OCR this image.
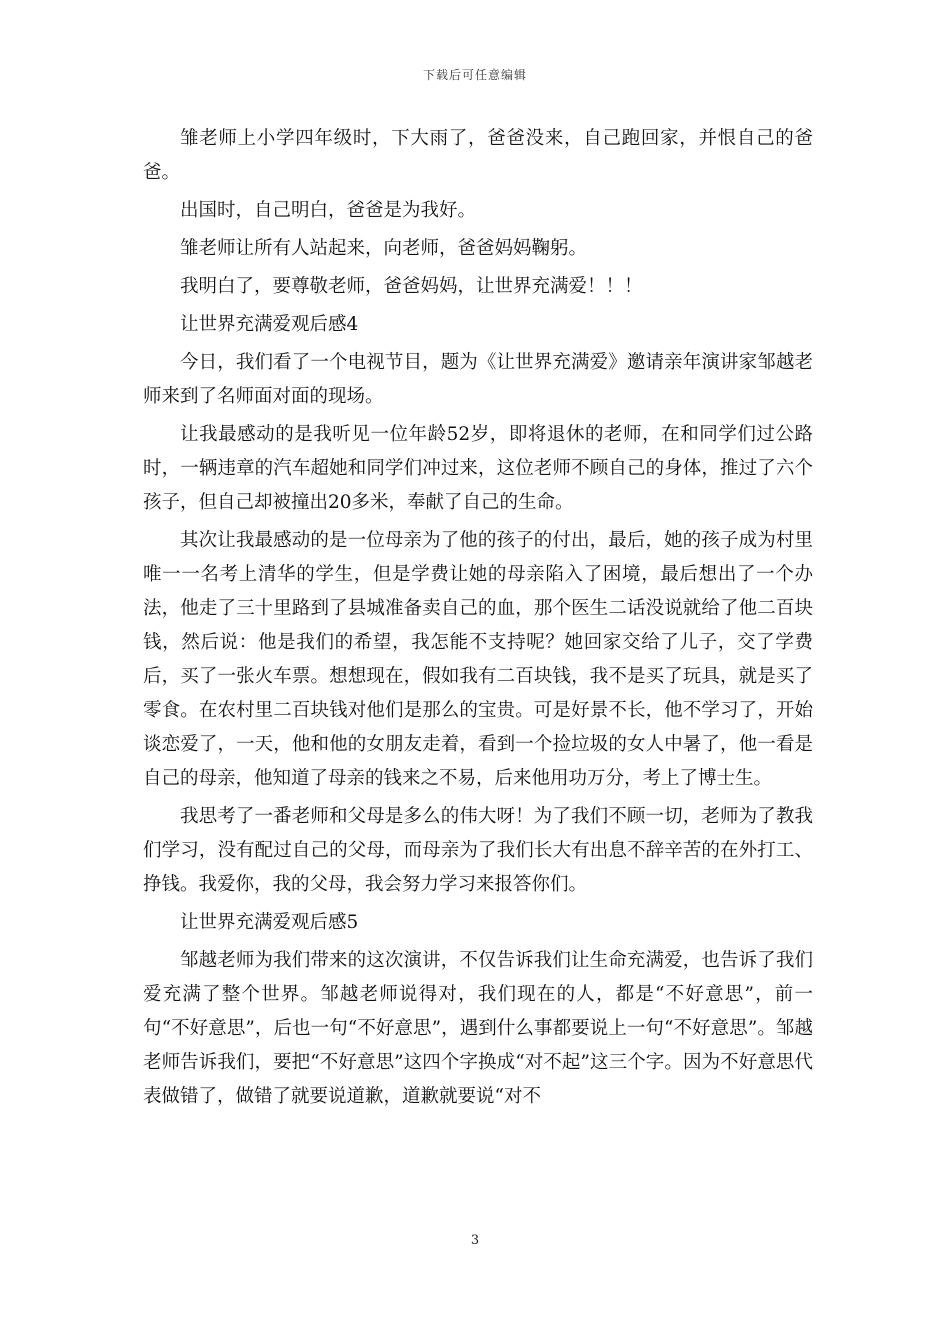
下载后可任意编辑

雏老师上小学四年级时，下大雨了，爸爸没来，自己跑回家，并恨自己的爸爸。

出国时，自己明白，爸爸是为我好。

雏老师让所有人站起来，向老师，爸爸妈妈鞠躬。

我明白了，要尊敬老师，爸爸妈妈，让世界充满爱！！！

让世界充满爱观后感4

今日，我们看了一个电视节目，题为《让世界充满爱》邀请亲年演讲家邹越老师来到了名师面对面的现场。

让我最感动的是我听见一位年龄52岁，即将退休的老师，在和同学们过公路时，一辆违章的汽车超她和同学们冲过来，这位老师不顾自己的身体，推过了六个孩子，但自己却被撞出20多米，奉献了自己的生命。

其次让我最感动的是一位母亲为了他的孩子的付出，最后，她的孩子成为村里唯一一名考上清华的学生，但是学费让她的母亲陷入了困境，最后想出了一个办法，他走了三十里路到了县城准备卖自己的血，那个医生二话没说就给了他二百块钱，然后说：他是我们的希望，我怎能不支持呢？她回家交给了儿子，交了学费后，买了一张火车票。想想现在，假如我有二百块钱，我不是买了玩具，就是买了零食。在农村里二百块钱对他们是那么的宝贵。可是好景不长，他不学习了，开始谈恋爱了，一天，他和他的女朋友走着，看到一个捡垃圾的女人中暑了，他一看是自己的母亲，他知道了母亲的钱来之不易，后来他用功万分，考上了博士生。

我思考了一番老师和父母是多么的伟大呀！为了我们不顾一切，老师为了教我们学习，没有配过自己的父母，而母亲为了我们长大有出息不辞辛苦的在外打工、挣钱。我爱你，我的父母，我会努力学习来报答你们。

让世界充满爱观后感5

邹越老师为我们带来的这次演讲，不仅告诉我们让生命充满爱，也告诉了我们爱充满了整个世界。邹越老师说得对，我们现在的人，都是“不好意思”，前一句“不好意思”，后也一句“不好意思”，遇到什么事都要说上一句“不好意思”。邹越老师告诉我们，要把“不好意思”这四个字换成“对不起”这三个字。因为不好意思代表做错了，做错了就要说道歉，道歉就要说“对不

3
